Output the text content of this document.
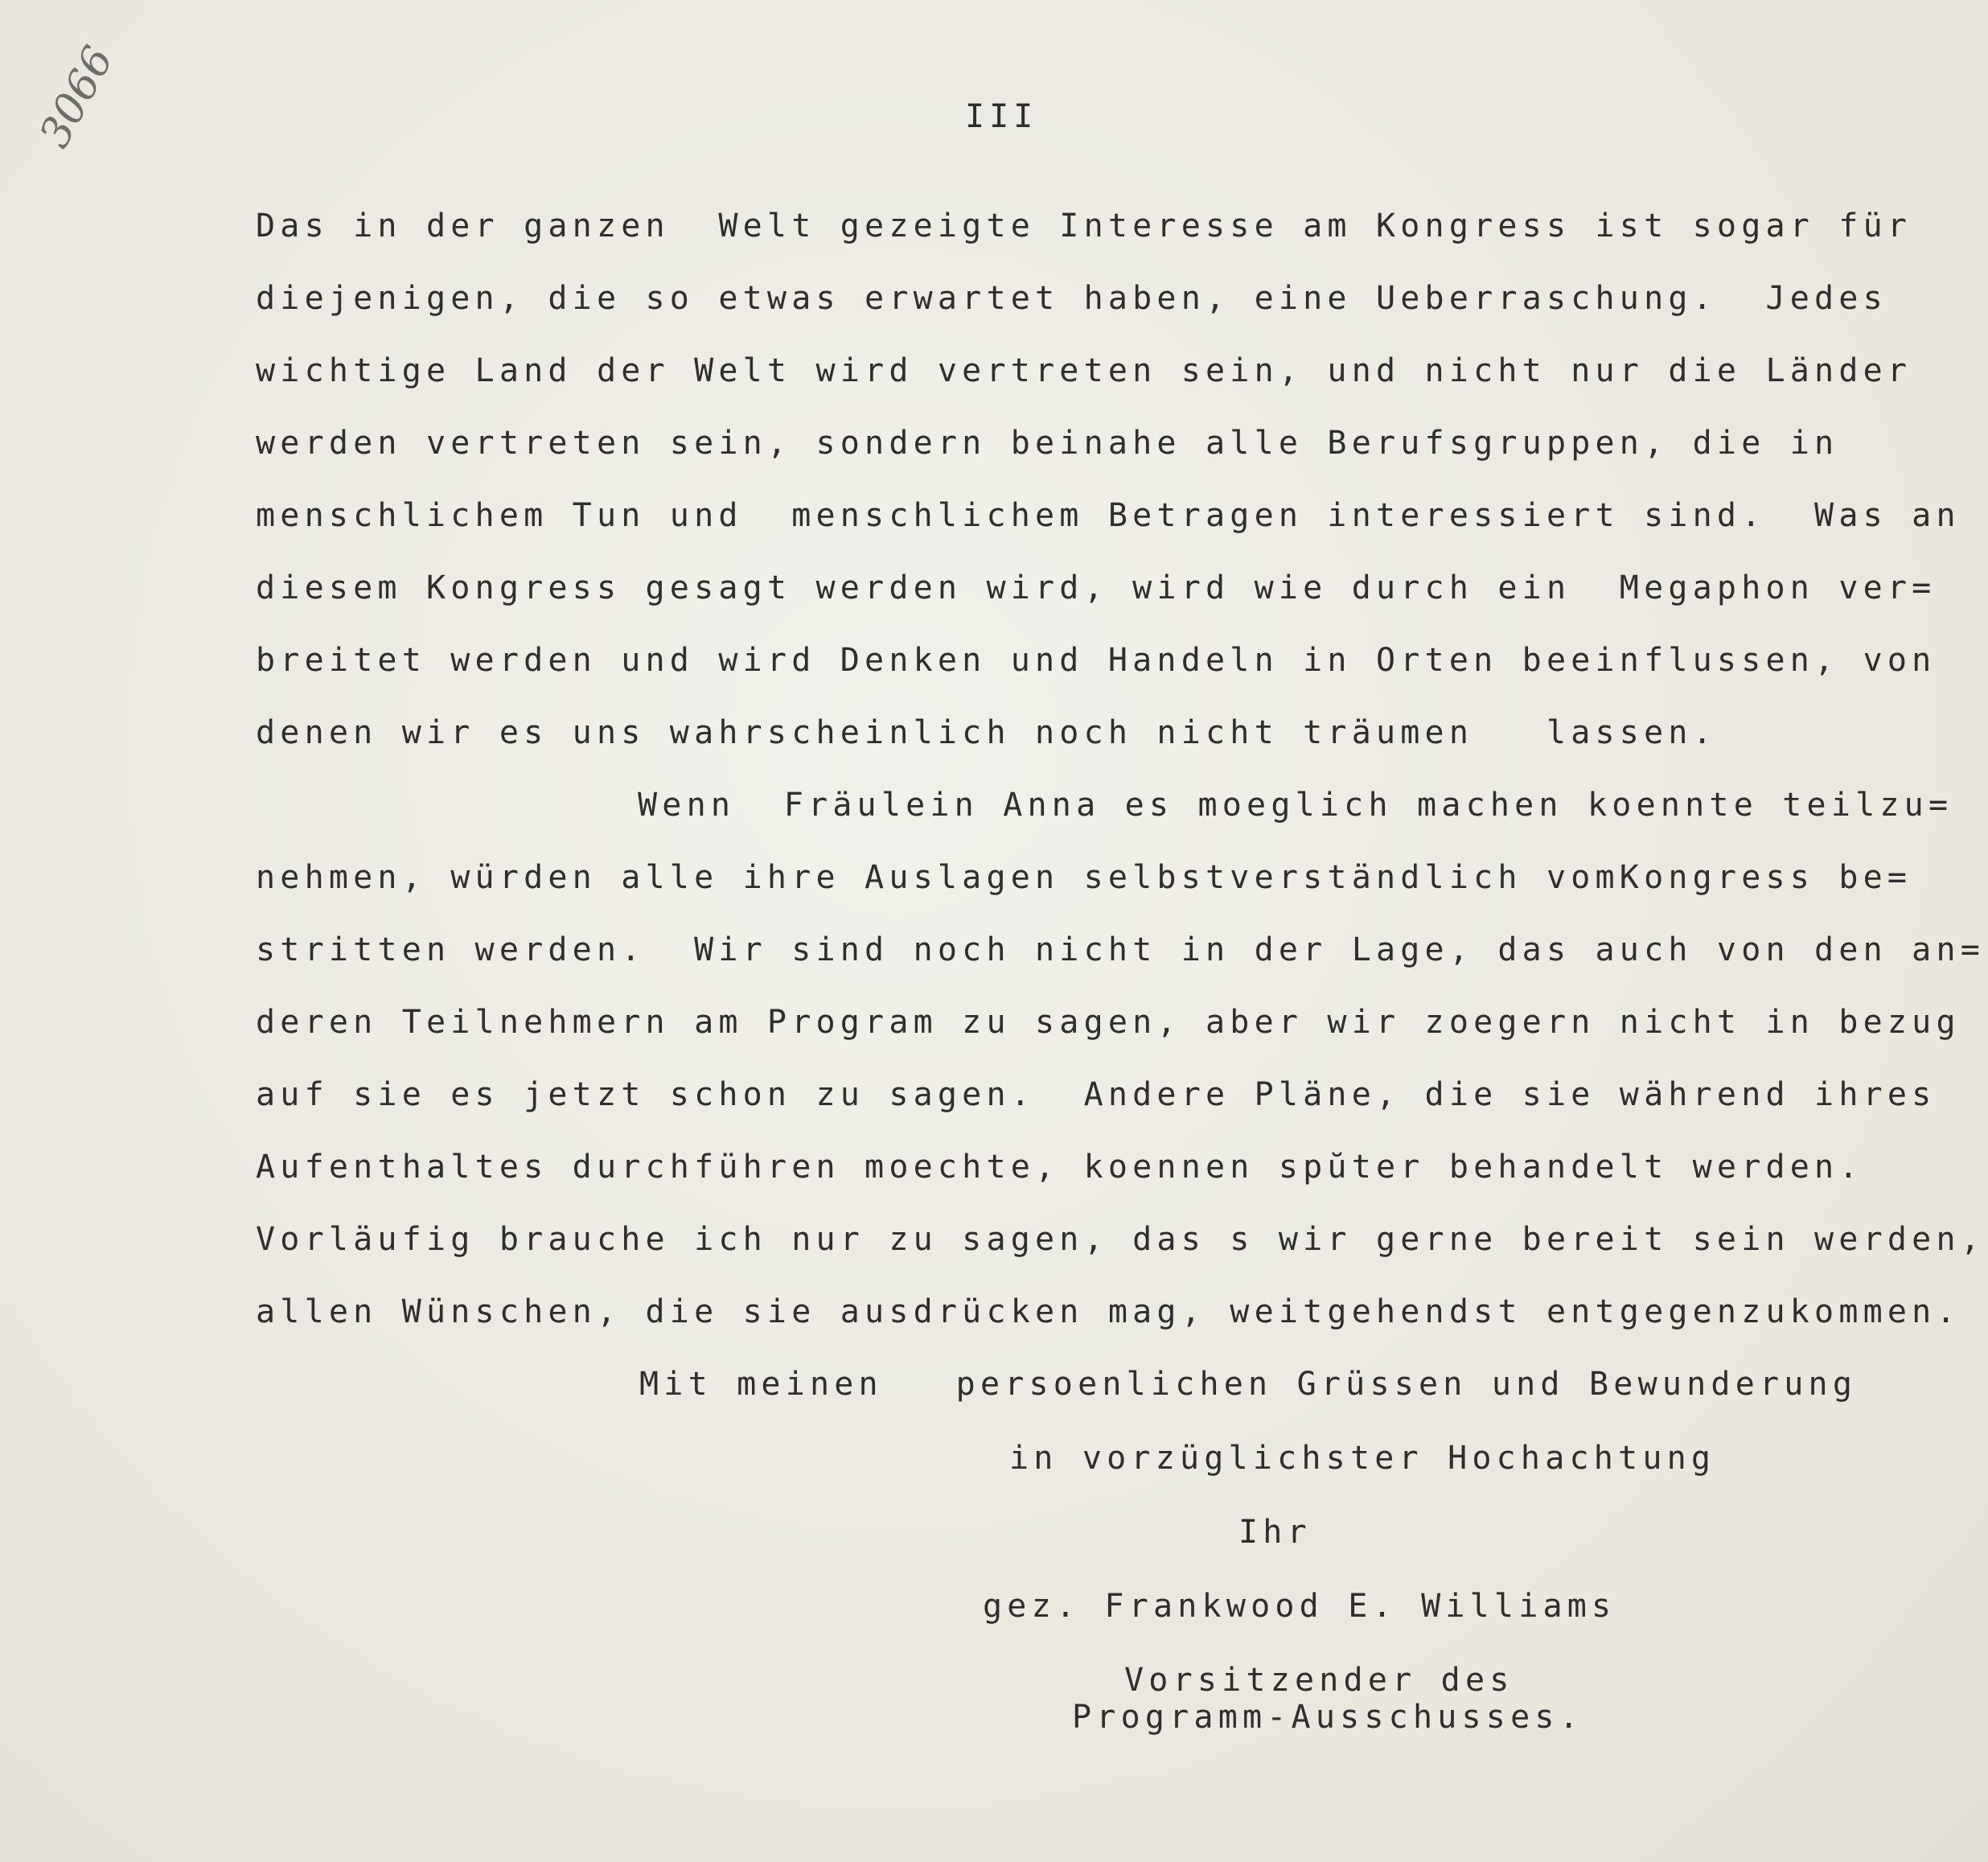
3066	III
Das in der ganzen  Welt gezeigte Interesse am Kongress ist sogar für
diejenigen, die so etwas erwartet haben, eine Ueberraschung.  Jedes
wichtige Land der Welt wird vertreten sein, und nicht nur die Länder
werden vertreten sein, sondern beinahe alle Berufsgruppen, die in
menschlichem Tun und  menschlichem Betragen interessiert sind.  Was an
diesem Kongress gesagt werden wird, wird wie durch ein  Megaphon ver=
breitet werden und wird Denken und Handeln in Orten beeinflussen, von
denen wir es uns wahrscheinlich noch nicht träumen   lassen.
Wenn  Fräulein Anna es moeglich machen koennte teilzu=
nehmen, würden alle ihre Auslagen selbstverständlich vomKongress be=
stritten werden.  Wir sind noch nicht in der Lage, das auch von den an=
deren Teilnehmern am Program zu sagen, aber wir zoegern nicht in bezug
auf sie es jetzt schon zu sagen.  Andere Pläne, die sie während ihres
Aufenthaltes durchführen moechte, koennen spŭter behandelt werden.
Vorläufig brauche ich nur zu sagen, das s wir gerne bereit sein werden,
allen Wünschen, die sie ausdrücken mag, weitgehendst entgegenzukommen.
Mit meinen   persoenlichen Grüssen und Bewunderung
in vorzüglichster Hochachtung
Ihr
gez. Frankwood E. Williams
Vorsitzender des
Programm-Ausschusses.
